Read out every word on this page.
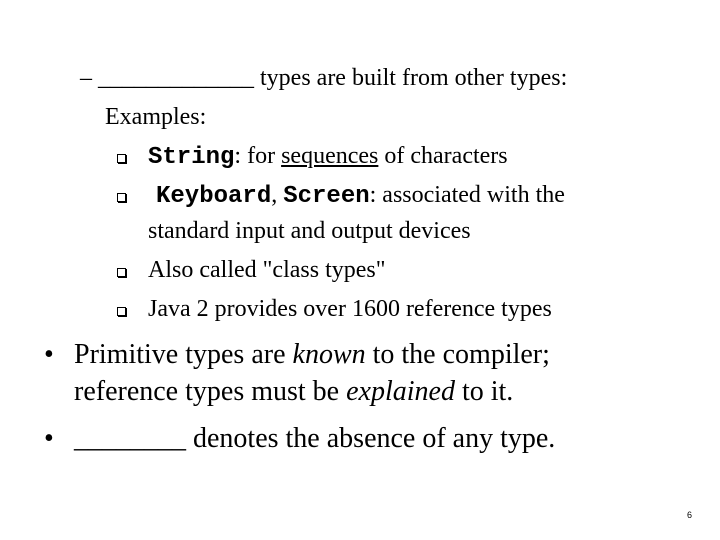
– _____________ types are built from other types:
Examples:
String: for sequences of characters
Keyboard, Screen: associated with the
standard input and output devices
Also called "class types"
Java 2 provides over 1600 reference types
• Primitive types are known to the compiler;
reference types must be explained to it.
• ________ denotes the absence of any type.
6
